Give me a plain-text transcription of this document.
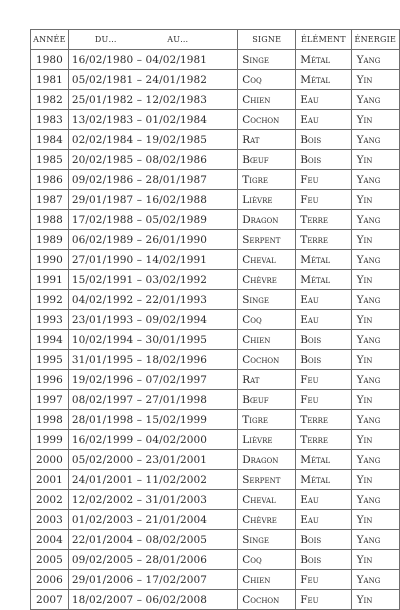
ANNÉE	DU… AU…	SIGNE	ÉLÉMENT	ÉNERGIE
1980	16/02/1980 – 04/02/1981	Singe	Métal	Yang
1981	05/02/1981 – 24/01/1982	Coq	Métal	Yin
1982	25/01/1982 – 12/02/1983	Chien	Eau	Yang
1983	13/02/1983 – 01/02/1984	Cochon	Eau	Yin
1984	02/02/1984 – 19/02/1985	Rat	Bois	Yang
1985	20/02/1985 – 08/02/1986	Bœuf	Bois	Yin
1986	09/02/1986 – 28/01/1987	Tigre	Feu	Yang
1987	29/01/1987 – 16/02/1988	Lièvre	Feu	Yin
1988	17/02/1988 – 05/02/1989	Dragon	Terre	Yang
1989	06/02/1989 – 26/01/1990	Serpent	Terre	Yin
1990	27/01/1990 – 14/02/1991	Cheval	Métal	Yang
1991	15/02/1991 – 03/02/1992	Chèvre	Métal	Yin
1992	04/02/1992 – 22/01/1993	Singe	Eau	Yang
1993	23/01/1993 – 09/02/1994	Coq	Eau	Yin
1994	10/02/1994 – 30/01/1995	Chien	Bois	Yang
1995	31/01/1995 – 18/02/1996	Cochon	Bois	Yin
1996	19/02/1996 – 07/02/1997	Rat	Feu	Yang
1997	08/02/1997 – 27/01/1998	Bœuf	Feu	Yin
1998	28/01/1998 – 15/02/1999	Tigre	Terre	Yang
1999	16/02/1999 – 04/02/2000	Lièvre	Terre	Yin
2000	05/02/2000 – 23/01/2001	Dragon	Métal	Yang
2001	24/01/2001 – 11/02/2002	Serpent	Métal	Yin
2002	12/02/2002 – 31/01/2003	Cheval	Eau	Yang
2003	01/02/2003 – 21/01/2004	Chèvre	Eau	Yin
2004	22/01/2004 – 08/02/2005	Singe	Bois	Yang
2005	09/02/2005 – 28/01/2006	Coq	Bois	Yin
2006	29/01/2006 – 17/02/2007	Chien	Feu	Yang
2007	18/02/2007 – 06/02/2008	Cochon	Feu	Yin
